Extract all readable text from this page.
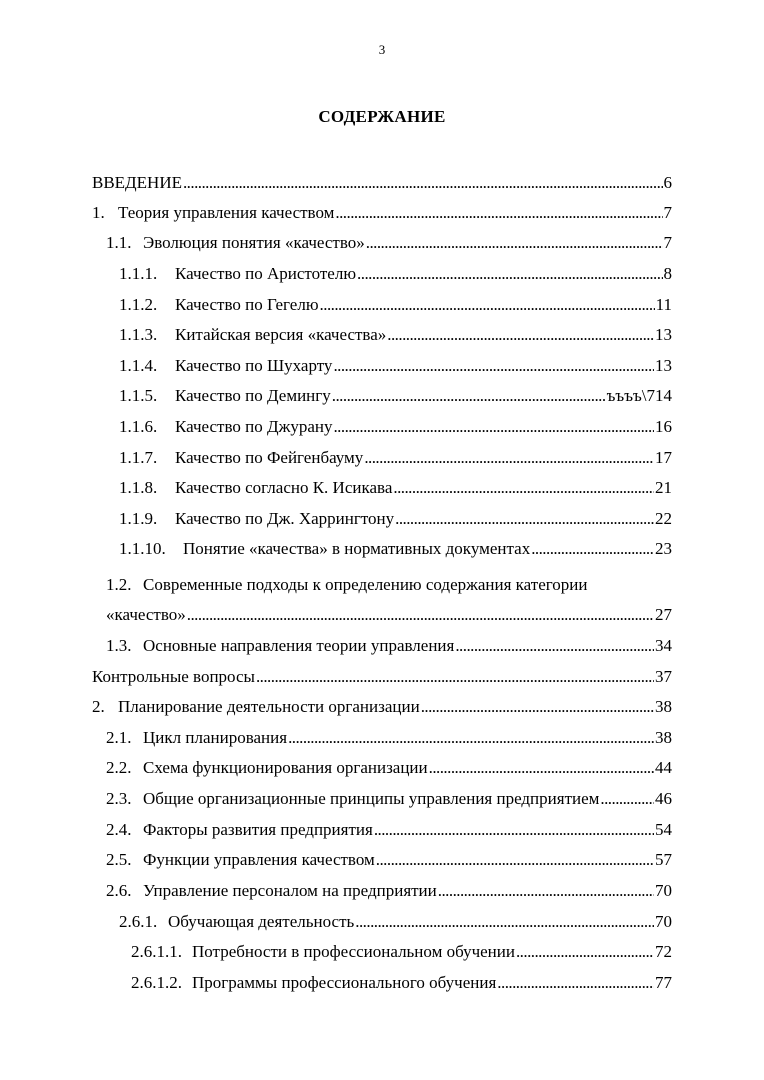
3
СОДЕРЖАНИЕ
ВВЕДЕНИЕ . . .	6
1. Теория управления качеством . . .	7
1.1. Эволюция понятия «качество» . . .	7
1.1.1.	Качество по Аристотелю . . .	8
1.1.2.	Качество по Гегелю . . .	11
1.1.3.	Китайская версия «качества» . . .	13
1.1.4.	Качество по Шухарту . . .	13
1.1.5.	Качество по Демингу . . .	ъъъъ\714
1.1.6.	Качество по Джурану . . .	16
1.1.7.	Качество по Фейгенбауму . . .	17
1.1.8.	Качество согласно К. Исикава . . .	21
1.1.9.	Качество по Дж. Харрингтону . . .	22
1.1.10.	Понятие «качества» в нормативных документах . . .	23
1.2. Современные подходы к определению содержания категории
«качество» . . .	27
1.3. Основные направления теории управления . . .	34
Контрольные вопросы . . .	37
2. Планирование деятельности организации . . .	38
2.1. Цикл планирования . . .	38
2.2. Схема функционирования организации . . .	44
2.3. Общие организационные принципы управления предприятием . . .	46
2.4. Факторы развития предприятия . . .	54
2.5. Функции управления качеством . . .	57
2.6. Управление персоналом на предприятии . . .	70
2.6.1. Обучающая деятельность . . .	70
2.6.1.1. Потребности в профессиональном обучении . . .	72
2.6.1.2. Программы профессионального обучения . . .	77
